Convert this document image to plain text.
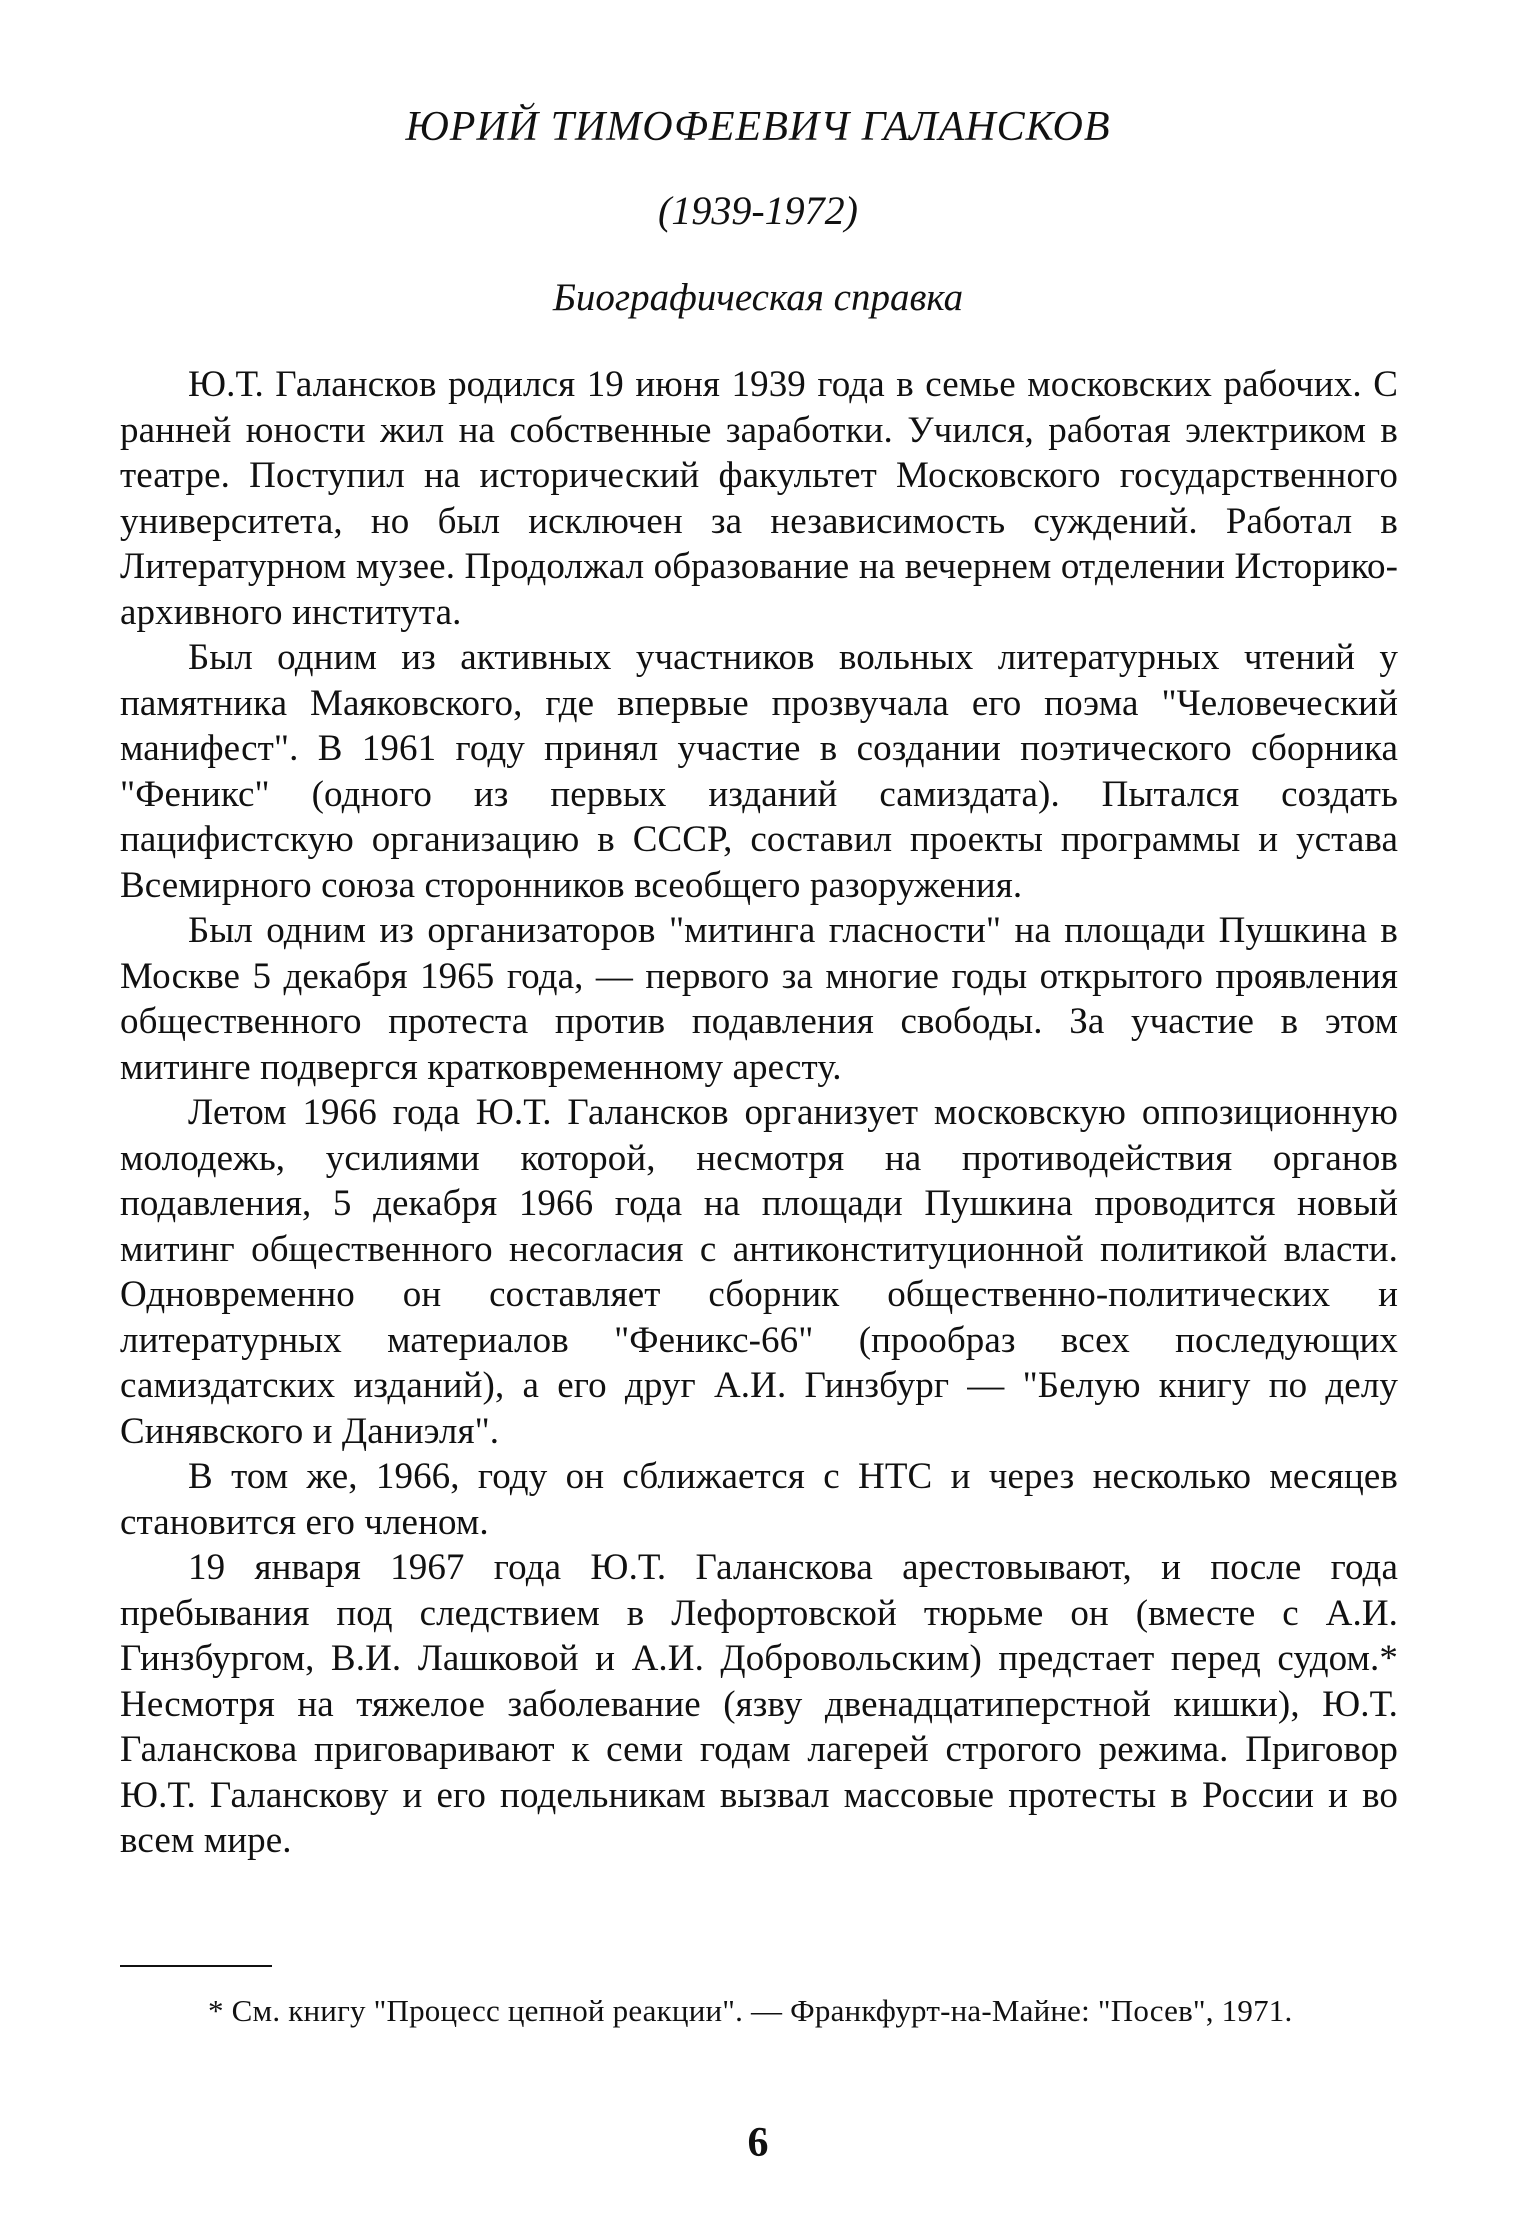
ЮРИЙ ТИМОФЕЕВИЧ ГАЛАНСКОВ
(1939-1972)
Биографическая справка

Ю.Т. Галансков родился 19 июня 1939 года в семье московских рабочих. С ранней юности жил на собственные заработки. Учился, работая электриком в театре. Поступил на исторический факультет Московского государственного университета, но был исключен за независимость суждений. Работал в Литературном музее. Продолжал образование на вечернем отделении Историко-архивного института.

Был одним из активных участников вольных литературных чтений у памятника Маяковского, где впервые прозвучала его поэма "Человеческий манифест". В 1961 году принял участие в создании поэтического сборника "Феникс" (одного из первых изданий самиздата). Пытался создать пацифистскую организацию в СССР, составил проекты программы и устава Всемирного союза сторонников всеобщего разоружения.

Был одним из организаторов "митинга гласности" на площади Пушкина в Москве 5 декабря 1965 года, — первого за многие годы открытого проявления общественного протеста против подавления свободы. За участие в этом митинге подвергся кратковременному аресту.

Летом 1966 года Ю.Т. Галансков организует московскую оппозиционную молодежь, усилиями которой, несмотря на противодействия органов подавления, 5 декабря 1966 года на площади Пушкина проводится новый митинг общественного несогласия с антиконституционной политикой власти. Одновременно он составляет сборник общественно-политических и литературных материалов "Феникс-66" (прообраз всех последующих самиздатских изданий), а его друг А.И. Гинзбург — "Белую книгу по делу Синявского и Даниэля".

В том же, 1966, году он сближается с НТС и через несколько месяцев становится его членом.

19 января 1967 года Ю.Т. Галанскова арестовывают, и после года пребывания под следствием в Лефортовской тюрьме он (вместе с А.И. Гинзбургом, В.И. Лашковой и А.И. Добровольским) предстает перед судом.* Несмотря на тяжелое заболевание (язву двенадцатиперстной кишки), Ю.Т. Галанскова приговаривают к семи годам лагерей строгого режима. Приговор Ю.Т. Галанскову и его подельникам вызвал массовые протесты в России и во всем мире.

* См. книгу "Процесс цепной реакции". — Франкфурт-на-Майне: "Посев", 1971.
6
